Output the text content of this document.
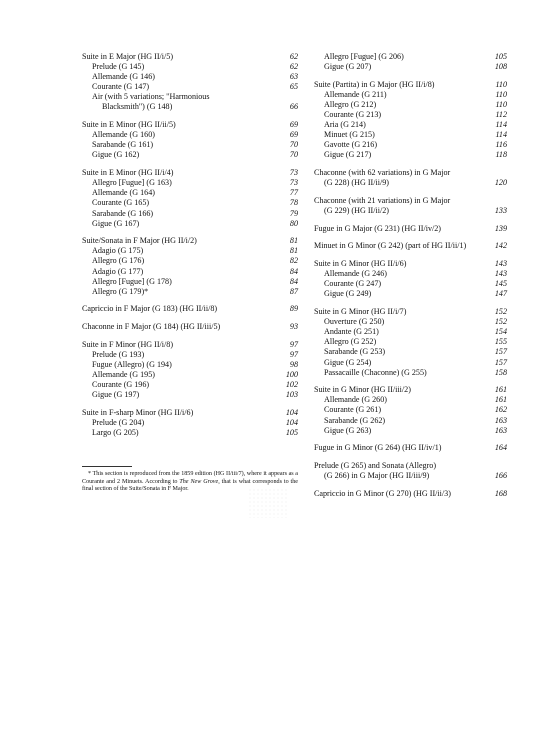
Suite in E Major (HG II/i/5)	62
Prelude (G 145)	62
Allemande (G 146)	63
Courante (G 147)	65
Air (with 5 variations; "Harmonious
Blacksmith") (G 148)	66
Suite in E Minor (HG II/ii/5)	69
Allemande (G 160)	69
Sarabande (G 161)	70
Gigue (G 162)	70
Suite in E Minor (HG II/i/4)	73
Allegro [Fugue] (G 163)	73
Allemande (G 164)	77
Courante (G 165)	78
Sarabande (G 166)	79
Gigue (G 167)	80
Suite/Sonata in F Major (HG II/i/2)	81
Adagio (G 175)	81
Allegro (G 176)	82
Adagio (G 177)	84
Allegro [Fugue] (G 178)	84
Allegro (G 179)*	87
Capriccio in F Major (G 183) (HG II/ii/8)	89
Chaconne in F Major (G 184) (HG II/iii/5)	93
Suite in F Minor (HG II/i/8)	97
Prelude (G 193)	97
Fugue (Allegro) (G 194)	98
Allemande (G 195)	100
Courante (G 196)	102
Gigue (G 197)	103
Suite in F-sharp Minor (HG II/i/6)	104
Prelude (G 204)	104
Largo (G 205)	105
Allegro [Fugue] (G 206)	105
Gigue (G 207)	108
Suite (Partita) in G Major (HG II/i/8)	110
Allemande (G 211)	110
Allegro (G 212)	110
Courante (G 213)	112
Aria (G 214)	114
Minuet (G 215)	114
Gavotte (G 216)	116
Gigue (G 217)	118
Chaconne (with 62 variations) in G Major
(G 228) (HG II/ii/9)	120
Chaconne (with 21 variations) in G Major
(G 229) (HG II/ii/2)	133
Fugue in G Major (G 231) (HG II/iv/2)	139
Minuet in G Minor (G 242) (part of HG II/ii/1)	142
Suite in G Minor (HG II/i/6)	143
Allemande (G 246)	143
Courante (G 247)	145
Gigue (G 249)	147
Suite in G Minor (HG II/i/7)	152
Ouverture (G 250)	152
Andante (G 251)	154
Allegro (G 252)	155
Sarabande (G 253)	157
Gigue (G 254)	157
Passacaille (Chaconne) (G 255)	158
Suite in G Minor (HG II/iii/2)	161
Allemande (G 260)	161
Courante (G 261)	162
Sarabande (G 262)	163
Gigue (G 263)	163
Fugue in G Minor (G 264) (HG II/iv/1)	164
Prelude (G 265) and Sonata (Allegro)
(G 266) in G Major (HG II/iii/9)	166
Capriccio in G Minor (G 270) (HG II/ii/3)	168

* This section is reproduced from the 1859 edition (HG II/iii/7), where it appears as a Courante and 2 Minuets. According to The New Grove, that is what corresponds to the final section of the Suite/Sonata in F Major.
